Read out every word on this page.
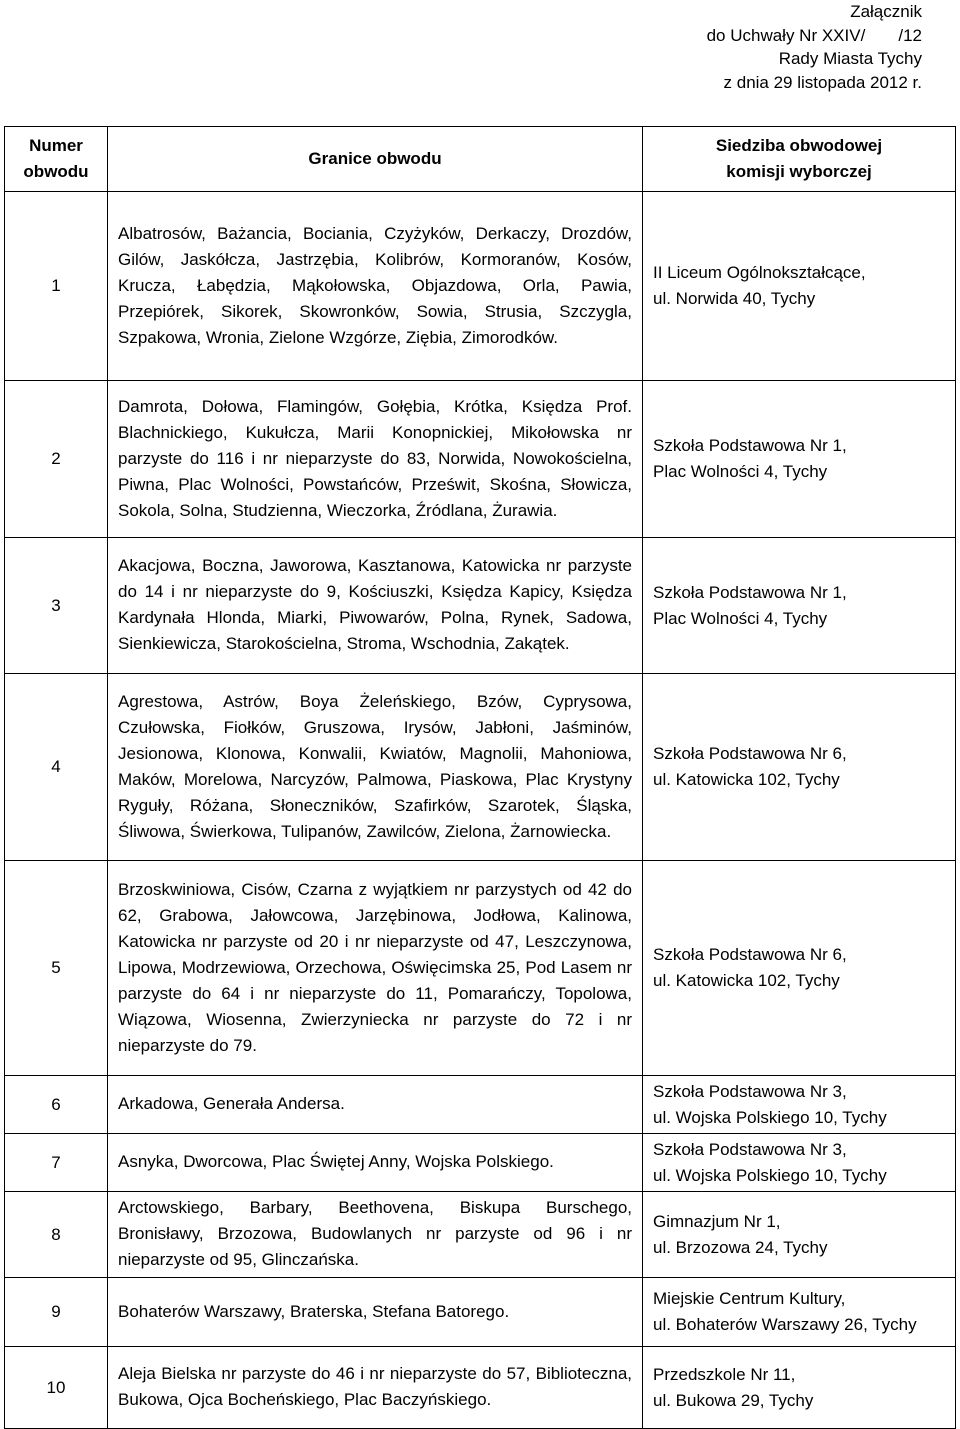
Załącznik
do Uchwały Nr XXIV/       /12
Rady Miasta Tychy
z dnia 29 listopada 2012 r.
Numer
obwodu	Granice obwodu	Siedziba obwodowej
komisji wyborczej
1	Albatrosów, Bażancia, Bociania, Czyżyków, Derkaczy, Drozdów, Gilów, Jaskółcza, Jastrzębia, Kolibrów, Kormoranów, Kosów, Krucza, Łabędzia, Mąkołowska, Objazdowa, Orla, Pawia, Przepiórek, Sikorek, Skowronków, Sowia, Strusia, Szczygla, Szpakowa, Wronia, Zielone Wzgórze, Ziębia, Zimorodków.	II Liceum Ogólnokształcące,
ul. Norwida 40, Tychy

2	Damrota, Dołowa, Flamingów, Gołębia, Krótka, Księdza Prof. Blachnickiego, Kukułcza, Marii Konopnickiej, Mikołowska nr parzyste do 116 i nr nieparzyste do 83, Norwida, Nowokościelna, Piwna, Plac Wolności, Powstańców, Prześwit, Skośna, Słowicza, Sokola, Solna, Studzienna, Wieczorka, Źródlana, Żurawia.	Szkoła Podstawowa Nr 1,
Plac Wolności 4, Tychy

3	Akacjowa, Boczna, Jaworowa, Kasztanowa, Katowicka nr parzyste do 14 i nr nieparzyste do 9, Kościuszki, Księdza Kapicy, Księdza Kardynała Hlonda, Miarki, Piwowarów, Polna, Rynek, Sadowa, Sienkiewicza, Starokościelna, Stroma, Wschodnia, Zakątek.	Szkoła Podstawowa Nr 1,
Plac Wolności 4, Tychy

4	Agrestowa, Astrów, Boya Żeleńskiego, Bzów, Cyprysowa, Czułowska, Fiołków, Gruszowa, Irysów, Jabłoni, Jaśminów, Jesionowa, Klonowa, Konwalii, Kwiatów, Magnolii, Mahoniowa, Maków, Morelowa, Narcyzów, Palmowa, Piaskowa, Plac Krystyny Ryguły, Różana, Słoneczników, Szafirków, Szarotek, Śląska, Śliwowa, Świerkowa, Tulipanów, Zawilców, Zielona, Żarnowiecka.	Szkoła Podstawowa Nr 6,
ul. Katowicka 102, Tychy

5	Brzoskwiniowa, Cisów, Czarna z wyjątkiem nr parzystych od 42 do 62, Grabowa, Jałowcowa, Jarzębinowa, Jodłowa, Kalinowa, Katowicka nr parzyste od 20 i nr nieparzyste od 47, Leszczynowa, Lipowa, Modrzewiowa, Orzechowa, Oświęcimska 25, Pod Lasem nr parzyste do 64 i nr nieparzyste do 11, Pomarańczy, Topolowa, Wiązowa, Wiosenna, Zwierzyniecka nr parzyste do 72 i nr nieparzyste do 79.	Szkoła Podstawowa Nr 6,
ul. Katowicka 102, Tychy

6	Arkadowa, Generała Andersa.	Szkoła Podstawowa Nr 3,
ul. Wojska Polskiego 10, Tychy

7	Asnyka, Dworcowa, Plac Świętej Anny, Wojska Polskiego.	Szkoła Podstawowa Nr 3,
ul. Wojska Polskiego 10, Tychy

8	Arctowskiego, Barbary, Beethovena, Biskupa Burschego, Bronisławy, Brzozowa, Budowlanych nr parzyste od 96 i nr nieparzyste od 95, Glinczańska.	Gimnazjum Nr 1,
ul. Brzozowa 24, Tychy

9	Bohaterów Warszawy, Braterska, Stefana Batorego.	Miejskie Centrum Kultury,
ul. Bohaterów Warszawy 26, Tychy

10	Aleja Bielska nr parzyste do 46 i nr nieparzyste do 57, Biblioteczna, Bukowa, Ojca Bocheńskiego, Plac Baczyńskiego.	Przedszkole Nr 11,
ul. Bukowa 29, Tychy
